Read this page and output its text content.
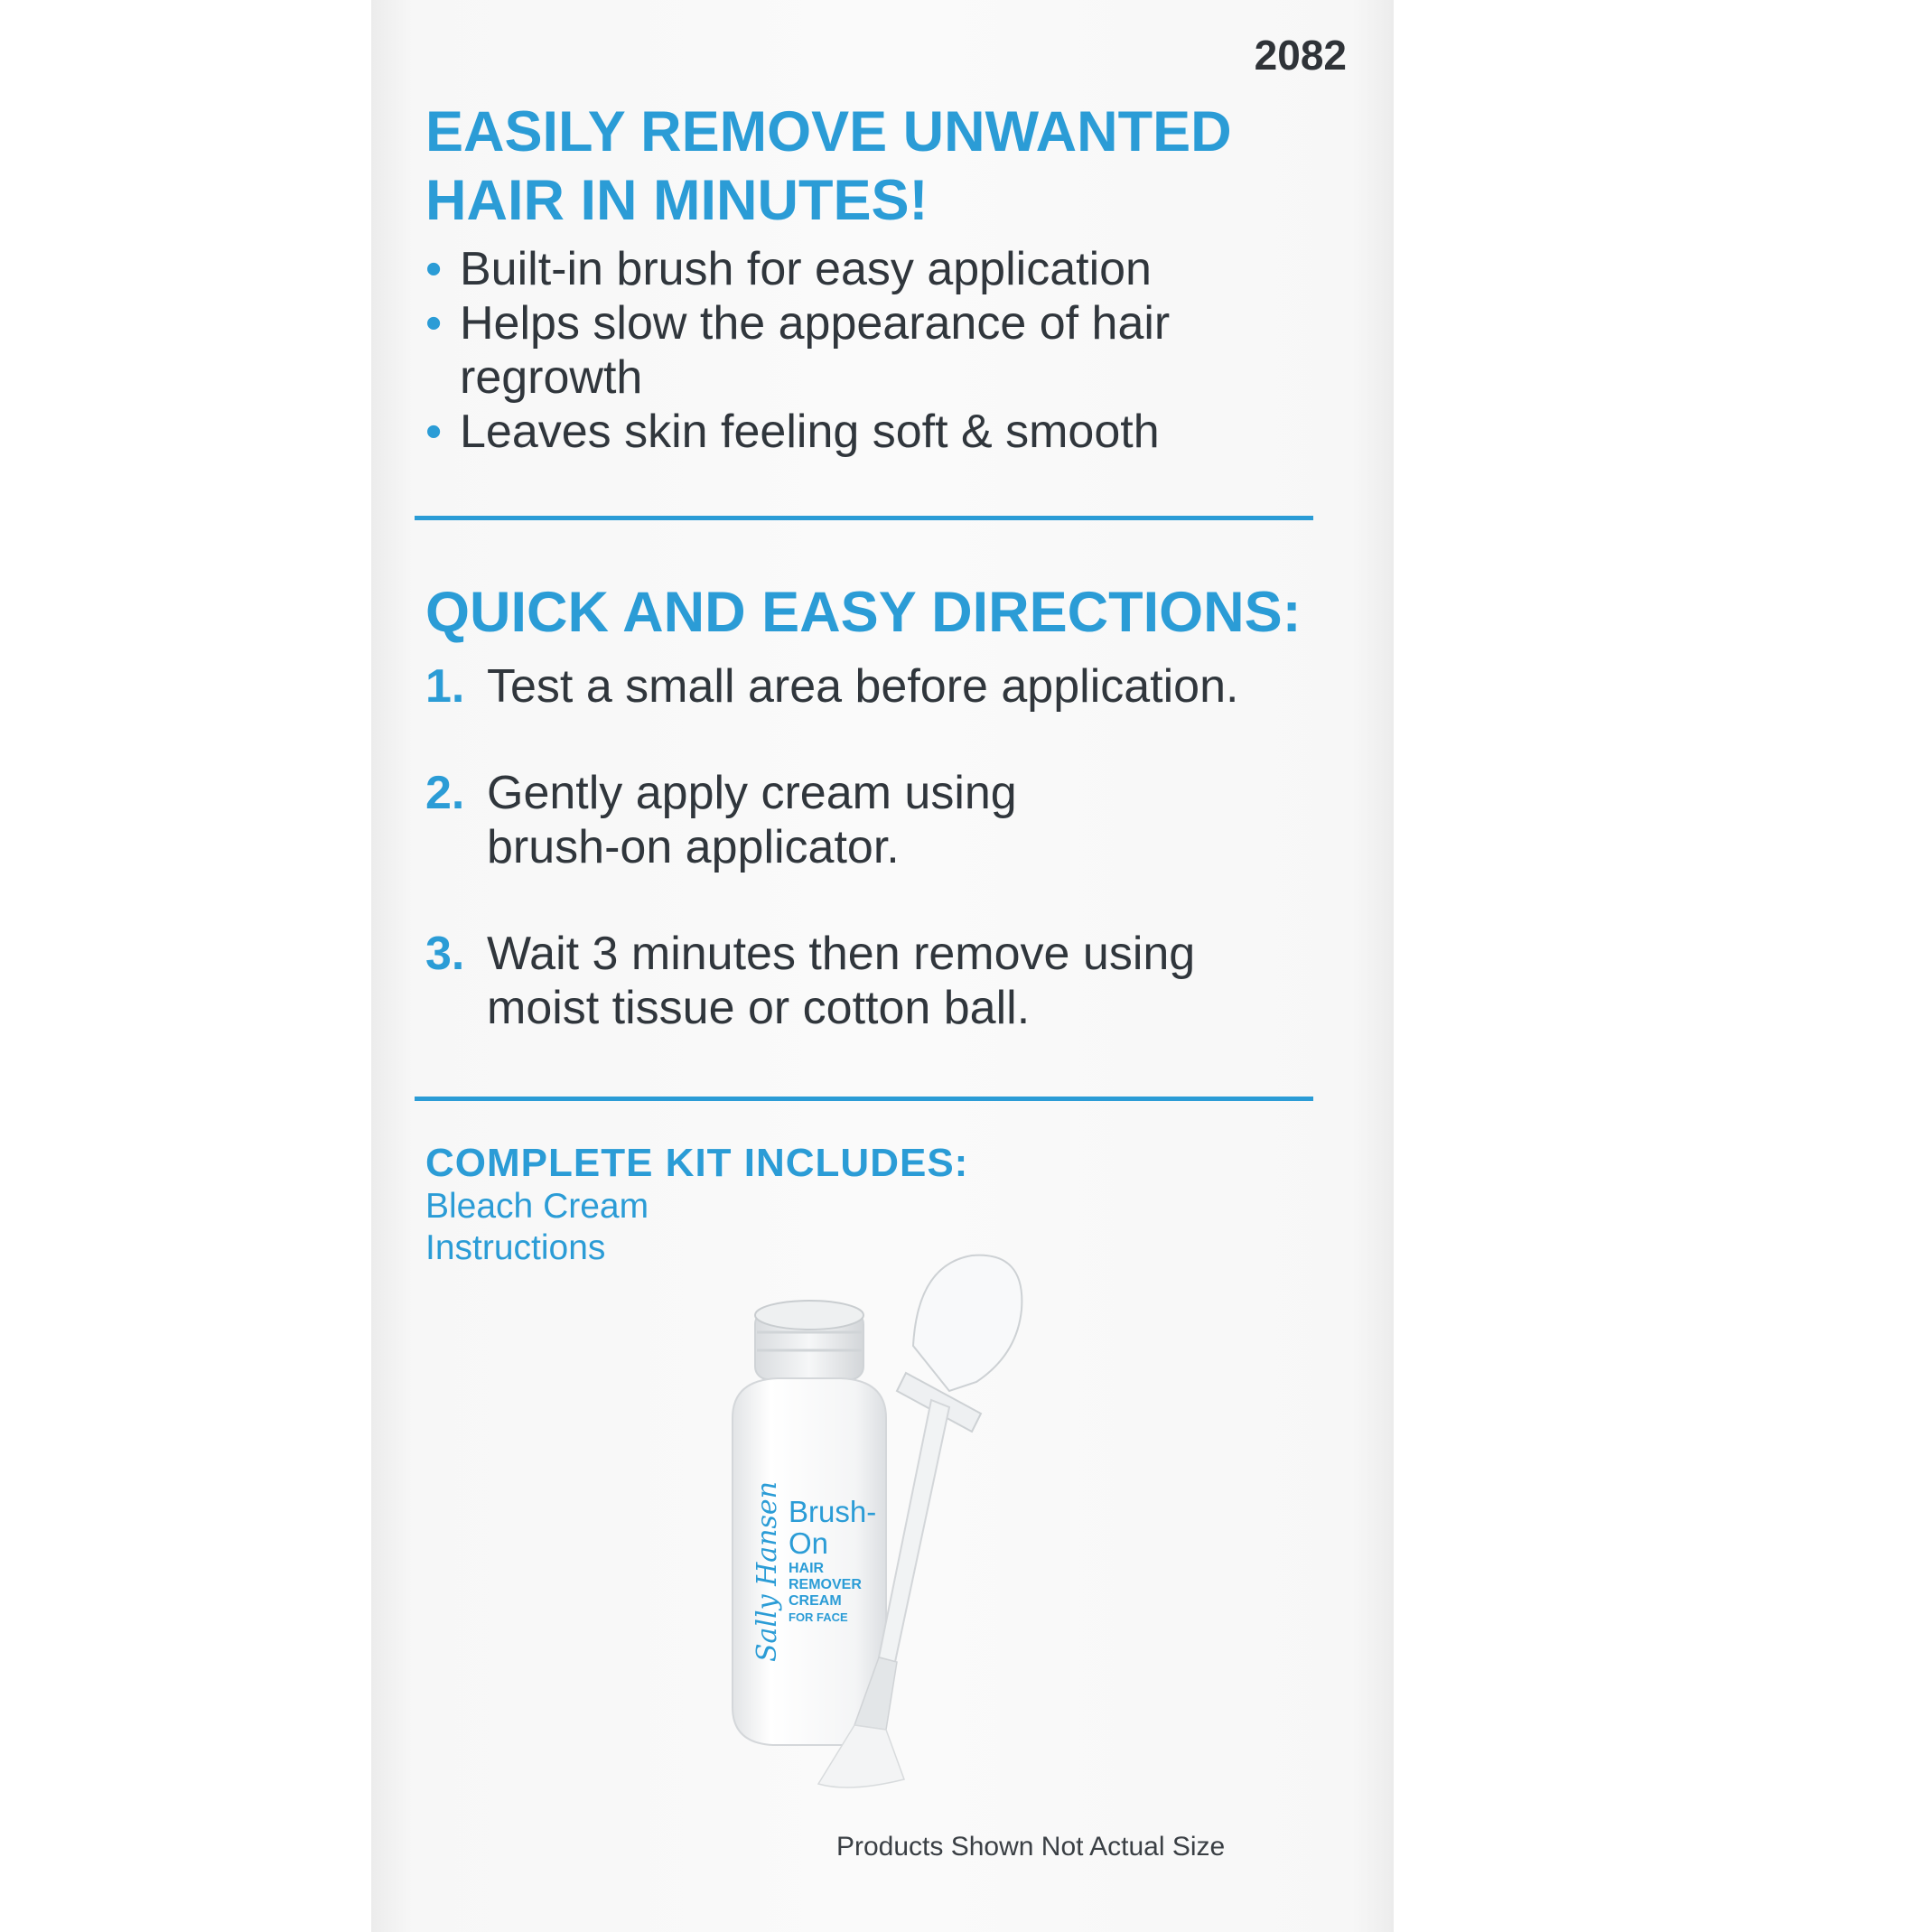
2082
EASILY REMOVE UNWANTED
HAIR IN MINUTES!
• Built-in brush for easy application
• Helps slow the appearance of hair regrowth
• Leaves skin feeling soft & smooth
QUICK AND EASY DIRECTIONS:
1. Test a small area before application.
2. Gently apply cream using brush-on applicator.
3. Wait 3 minutes then remove using moist tissue or cotton ball.
COMPLETE KIT INCLUDES:
Bleach Cream
Instructions
Sally Hansen Brush-
On
HAIR
REMOVER
CREAM
FOR FACE
Products Shown Not Actual Size
